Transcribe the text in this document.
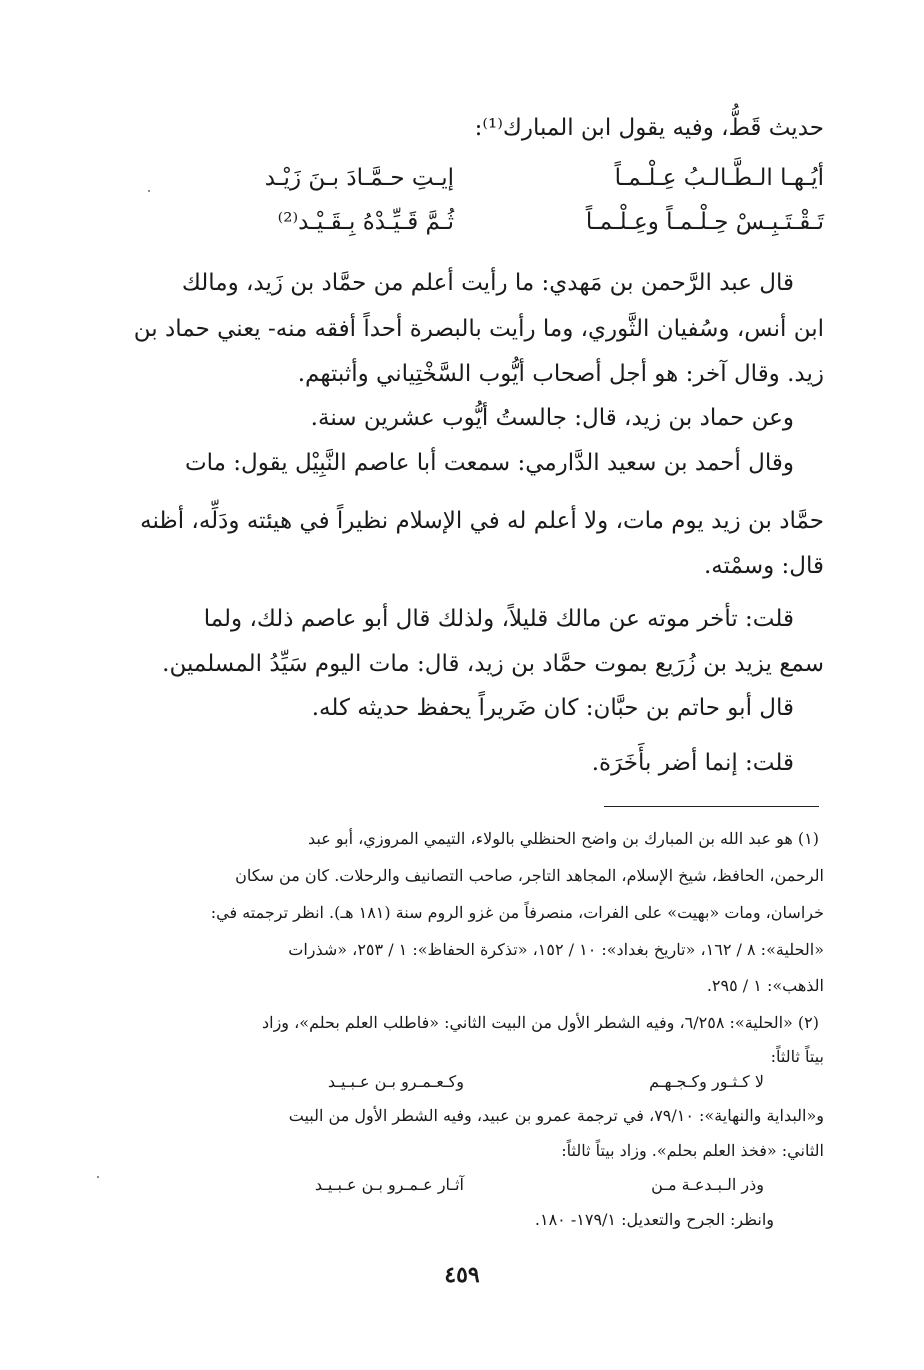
حديث قَطُّ، وفيه يقول ابن المبارك⁽¹⁾:
أيُـهـا الـطَّـالـبُ عِـلْـمـاً
إيـتِ حـمَّـادَ بـنَ زَيْـد
تَـقْـتَـبِـسْ حِـلْـمـاً وعِـلْـمـاً
ثُـمَّ قَـيِّـدْهُ بِـقَـيْـد⁽²⁾
قال عبد الرَّحمن بن مَهدي: ما رأيت أعلم من حمَّاد بن زَيد، ومالك
ابن أنس، وسُفيان الثَّوري، وما رأيت بالبصرة أحداً أفقه منه- يعني حماد بن
زيد. وقال آخر: هو أجل أصحاب أيُّوب السَّخْتِياني وأثبتهم.
وعن حماد بن زيد، قال: جالستُ أيُّوب عشرين سنة.
وقال أحمد بن سعيد الدَّارمي: سمعت أبا عاصم النَّبِيْل يقول: مات
حمَّاد بن زيد يوم مات، ولا أعلم له في الإسلام نظيراً في هيئته ودَلِّه، أظنه
قال: وسمْته.
قلت: تأخر موته عن مالك قليلاً، ولذلك قال أبو عاصم ذلك، ولما
سمع يزيد بن زُرَيع بموت حمَّاد بن زيد، قال: مات اليوم سَيِّدُ المسلمين.
قال أبو حاتم بن حبَّان: كان ضَريراً يحفظ حديثه كله.
قلت: إنما أضر بأَخَرَة.
(١) هو عبد الله بن المبارك بن واضح الحنظلي بالولاء، التيمي المروزي، أبو عبد
الرحمن، الحافظ، شيخ الإسلام، المجاهد التاجر، صاحب التصانيف والرحلات. كان من سكان
خراسان، ومات «بهيت» على الفرات، منصرفاً من غزو الروم سنة (١٨١ هـ). انظر ترجمته في:
«الحلية»: ٨ / ١٦٢، «تاريخ بغداد»: ١٠ / ١٥٢، «تذكرة الحفاظ»: ١ / ٢٥٣، «شذرات
الذهب»: ١ / ٢٩٥.
(٢) «الحلية»: ٦/٢٥٨، وفيه الشطر الأول من البيت الثاني: «فاطلب العلم بحلم»، وزاد
بيتاً ثالثاً:
لا كـثـور وكـجـهـم
وكـعـمـرو بـن عـبـيـد
و«البداية والنهاية»: ٧٩/١٠، في ترجمة عمرو بن عبيد، وفيه الشطر الأول من البيت
الثاني: «فخذ العلم بحلم». وزاد بيتاً ثالثاً:
وذر الـبـدعـة مـن
آثـار عـمـرو بـن عـبـيـد
وانظر: الجرح والتعديل: ١٧٩/١- ١٨٠.
٤٥٩
